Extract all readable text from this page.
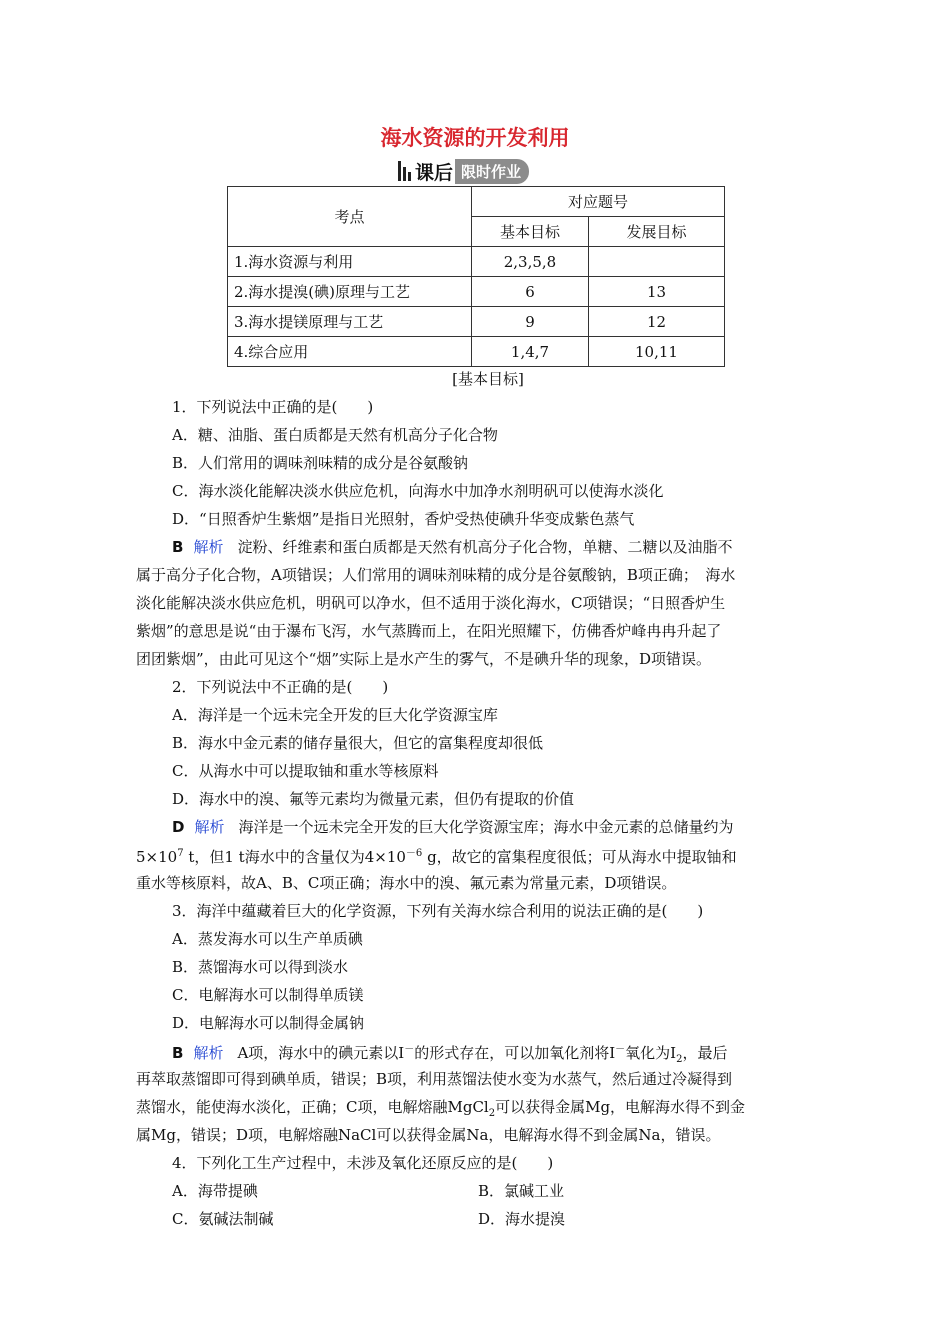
海水资源的开发利用
课后 限时作业
考点	对应题号	
	基本目标	发展目标
1.海水资源与利用	2,3,5,8	
2.海水提溴(碘)原理与工艺	6	13
3.海水提镁原理与工艺	9	12
4.综合应用	1,4,7	10,11
[基本目标]
1．下列说法中正确的是(　　)
A．糖、油脂、蛋白质都是天然有机高分子化合物
B．人们常用的调味剂味精的成分是谷氨酸钠
C．海水淡化能解决淡水供应危机，向海水中加净水剂明矾可以使海水淡化
D．“日照香炉生紫烟”是指日光照射，香炉受热使碘升华变成紫色蒸气
B 解析 淀粉、纤维素和蛋白质都是天然有机高分子化合物，单糖、二糖以及油脂不
属于高分子化合物，A项错误；人们常用的调味剂味精的成分是谷氨酸钠，B项正确；　海水
淡化能解决淡水供应危机，明矾可以净水，但不适用于淡化海水，C项错误；“日照香炉生
紫烟”的意思是说“由于瀑布飞泻，水气蒸腾而上，在阳光照耀下，仿佛香炉峰冉冉升起了
团团紫烟”，由此可见这个“烟”实际上是水产生的雾气，不是碘升华的现象，D项错误。
2．下列说法中不正确的是(　　)
A．海洋是一个远未完全开发的巨大化学资源宝库
B．海水中金元素的储存量很大，但它的富集程度却很低
C．从海水中可以提取铀和重水等核原料
D．海水中的溴、氟等元素均为微量元素，但仍有提取的价值
D 解析 海洋是一个远未完全开发的巨大化学资源宝库；海水中金元素的总储量约为
$5\times 10^7$ t，但1 t海水中的含量仅为$4\times 10^{-6}$ g，故它的富集程度很低；可从海水中提取铀和
重水等核原料，故A、B、C项正确；海水中的溴、氟元素为常量元素，D项错误。
3．海洋中蕴藏着巨大的化学资源，下列有关海水综合利用的说法正确的是(　　)
A．蒸发海水可以生产单质碘
B．蒸馏海水可以得到淡水
C．电解海水可以制得单质镁
D．电解海水可以制得金属钠
B 解析 A项，海水中的碘元素以I－的形式存在，可以加氧化剂将I－氧化为$I_2$，最后
再萃取蒸馏即可得到碘单质，错误；B项，利用蒸馏法使水变为水蒸气，然后通过冷凝得到
蒸馏水，能使海水淡化，正确；C项，电解熔融MgCl$_2$可以获得金属Mg，电解海水得不到金
属Mg，错误；D项，电解熔融NaCl可以获得金属Na，电解海水得不到金属Na，错误。
4．下列化工生产过程中，未涉及氧化还原反应的是(　　)
A．海带提碘	B．氯碱工业
C．氨碱法制碱	D．海水提溴
